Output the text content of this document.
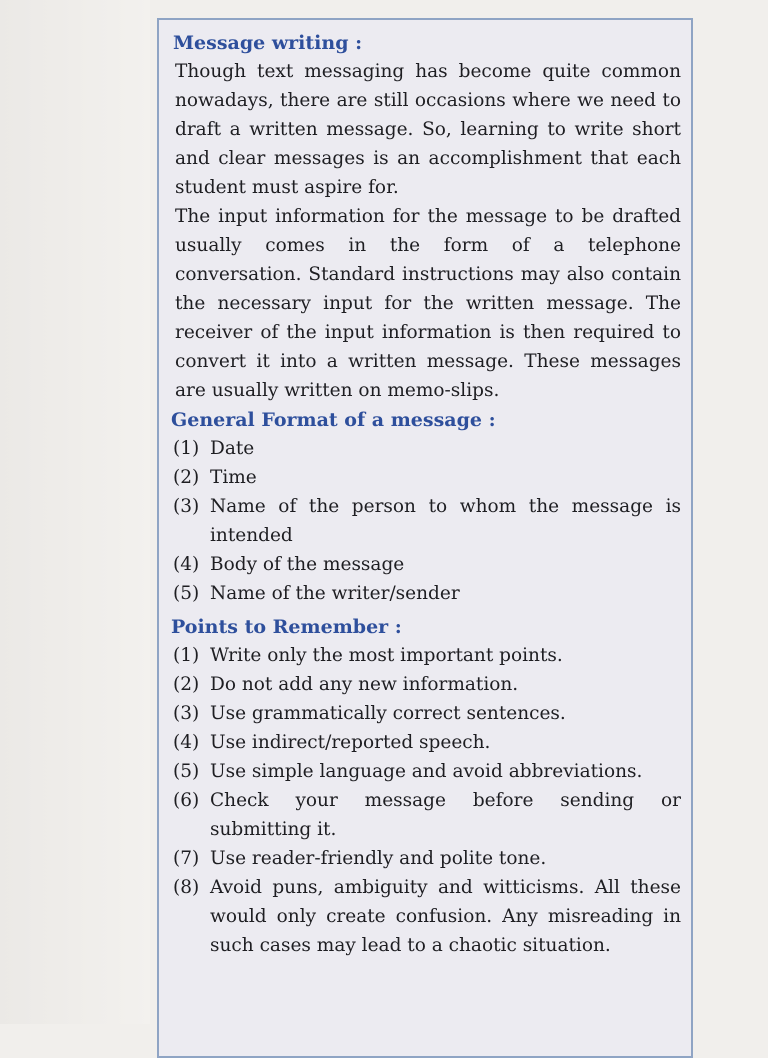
Message writing :

Though text messaging has become quite common nowadays, there are still occasions where we need to draft a written message. So, learning to write short and clear messages is an accomplishment that each student must aspire for.

The input information for the message to be drafted usually comes in the form of a telephone conversation. Standard instructions may also contain the necessary input for the written message. The receiver of the input information is then required to convert it into a written message. These messages are usually written on memo-slips.

General Format of a message :
(1) Date
(2) Time
(3) Name of the person to whom the message is intended
(4) Body of the message
(5) Name of the writer/sender
Points to Remember :
(1) Write only the most important points.
(2) Do not add any new information.
(3) Use grammatically correct sentences.
(4) Use indirect/reported speech.
(5) Use simple language and avoid abbreviations.
(6) Check your message before sending or submitting it.
(7) Use reader-friendly and polite tone.
(8) Avoid puns, ambiguity and witticisms. All these would only create confusion. Any misreading in such cases may lead to a chaotic situation.
